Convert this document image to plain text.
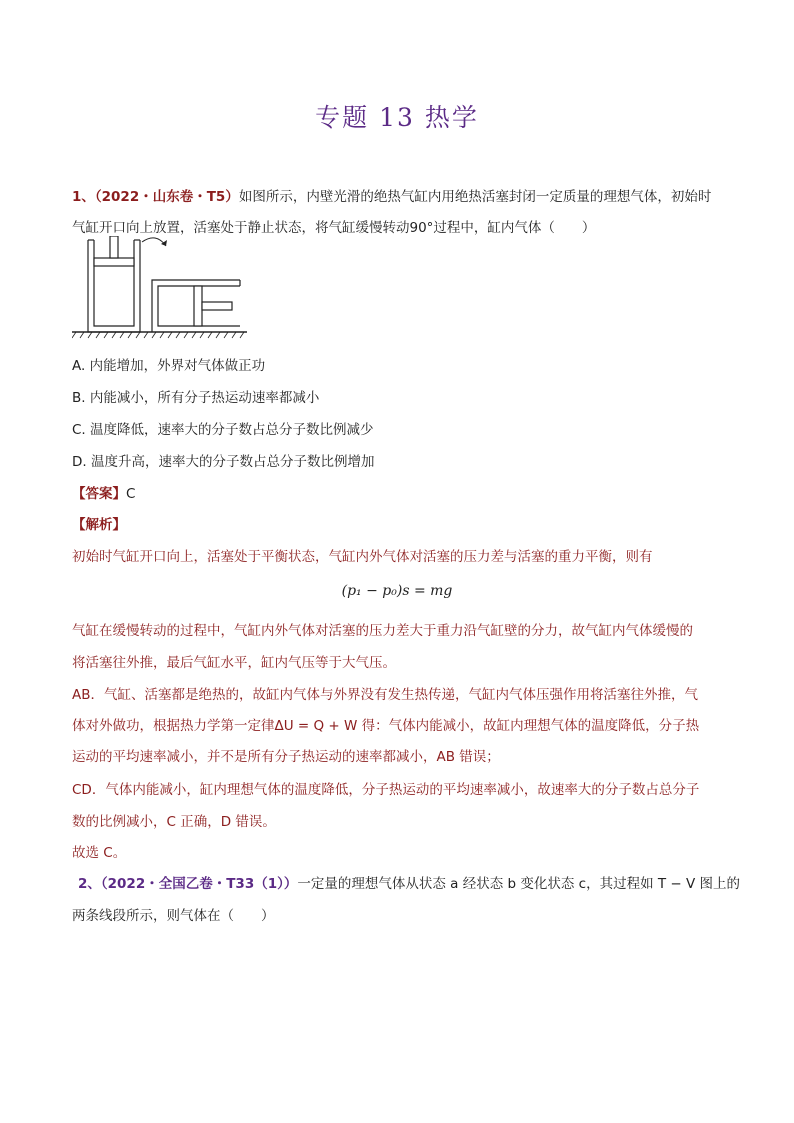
专题 13 热学
1、（2022・山东卷・T5）如图所示，内壁光滑的绝热气缸内用绝热活塞封闭一定质量的理想气体，初始时
气缸开口向上放置，活塞处于静止状态，将气缸缓慢转动90°过程中，缸内气体（　　）
A. 内能增加，外界对气体做正功
B. 内能减小，所有分子热运动速率都减小
C. 温度降低，速率大的分子数占总分子数比例减少
D. 温度升高，速率大的分子数占总分子数比例增加
【答案】C
【解析】
初始时气缸开口向上，活塞处于平衡状态，气缸内外气体对活塞的压力差与活塞的重力平衡，则有
(p₁ − p₀)s = mg
气缸在缓慢转动的过程中，气缸内外气体对活塞的压力差大于重力沿气缸壁的分力，故气缸内气体缓慢的
将活塞往外推，最后气缸水平，缸内气压等于大气压。
AB．气缸、活塞都是绝热的，故缸内气体与外界没有发生热传递，气缸内气体压强作用将活塞往外推，气
体对外做功，根据热力学第一定律ΔU = Q + W 得：气体内能减小，故缸内理想气体的温度降低，分子热
运动的平均速率减小，并不是所有分子热运动的速率都减小，AB 错误；
CD．气体内能减小，缸内理想气体的温度降低，分子热运动的平均速率减小，故速率大的分子数占总分子
数的比例减小，C 正确，D 错误。
故选 C。
2、（2022・全国乙卷・T33（1））一定量的理想气体从状态 a 经状态 b 变化状态 c，其过程如 T − V 图上的
两条线段所示，则气体在（　　）
